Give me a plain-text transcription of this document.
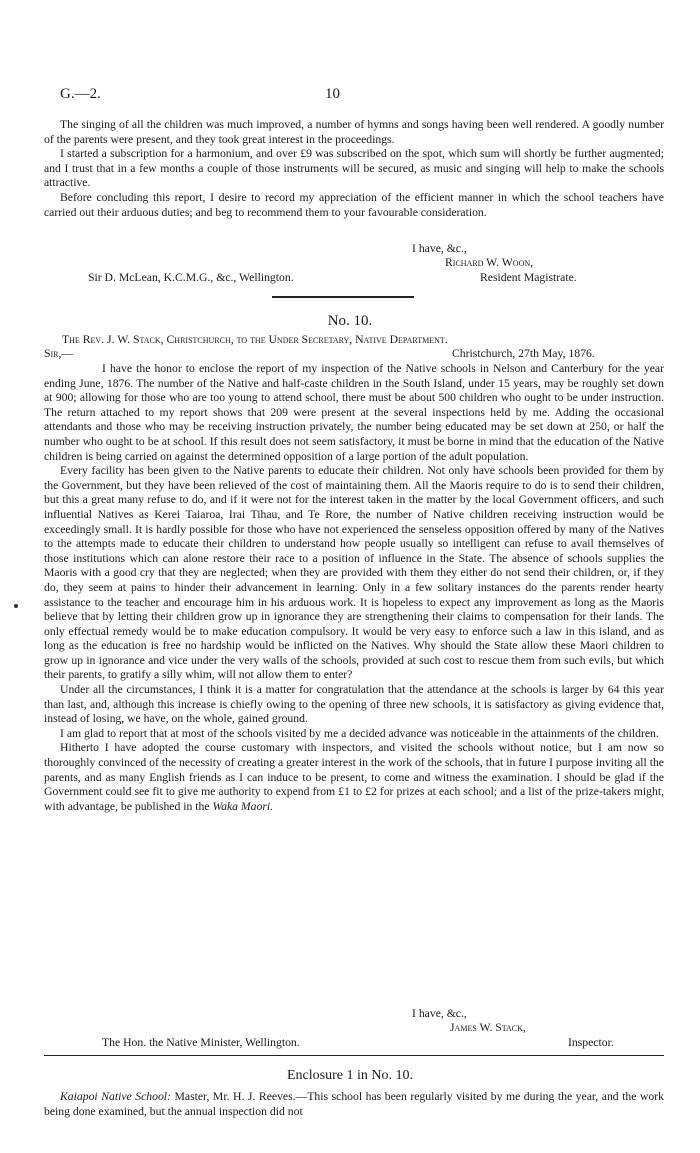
G.—2.	10

The singing of all the children was much improved, a number of hymns and songs having been well rendered. A goodly number of the parents were present, and they took great interest in the proceedings.

I started a subscription for a harmonium, and over £9 was subscribed on the spot, which sum will shortly be further augmented; and I trust that in a few months a couple of those instruments will be secured, as music and singing will help to make the schools attractive.

Before concluding this report, I desire to record my appreciation of the efficient manner in which the school teachers have carried out their arduous duties; and beg to recommend them to your favourable consideration.

I have, &c.,
Richard W. Woon,
Sir D. McLean, K.C.M.G., &c., Wellington.	Resident Magistrate.
No. 10.
The Rev. J. W. Stack, Christchurch, to the Under Secretary, Native Department.
Sir,—	Christchurch, 27th May, 1876.

I have the honor to enclose the report of my inspection of the Native schools in Nelson and Canterbury for the year ending June, 1876. The number of the Native and half-caste children in the South Island, under 15 years, may be roughly set down at 900; allowing for those who are too young to attend school, there must be about 500 children who ought to be under instruction. The return attached to my report shows that 209 were present at the several inspections held by me. Adding the occasional attendants and those who may be receiving instruction privately, the number being educated may be set down at 250, or half the number who ought to be at school. If this result does not seem satisfactory, it must be borne in mind that the education of the Native children is being carried on against the determined opposition of a large portion of the adult population.

Every facility has been given to the Native parents to educate their children. Not only have schools been provided for them by the Government, but they have been relieved of the cost of maintaining them. All the Maoris require to do is to send their children, but this a great many refuse to do, and if it were not for the interest taken in the matter by the local Government officers, and such influential Natives as Kerei Taiaroa, Irai Tihau, and Te Rore, the number of Native children receiving instruction would be exceedingly small. It is hardly possible for those who have not experienced the senseless opposition offered by many of the Natives to the attempts made to educate their children to understand how people usually so intelligent can refuse to avail themselves of those institutions which can alone restore their race to a position of influence in the State. The absence of schools supplies the Maoris with a good cry that they are neglected; when they are provided with them they either do not send their children, or, if they do, they seem at pains to hinder their advancement in learning. Only in a few solitary instances do the parents render hearty assistance to the teacher and encourage him in his arduous work. It is hopeless to expect any improvement as long as the Maoris believe that by letting their children grow up in ignorance they are strengthening their claims to compensation for their lands. The only effectual remedy would be to make education compulsory. It would be very easy to enforce such a law in this island, and as long as the education is free no hardship would be inflicted on the Natives. Why should the State allow these Maori children to grow up in ignorance and vice under the very walls of the schools, provided at such cost to rescue them from such evils, but which their parents, to gratify a silly whim, will not allow them to enter?

Under all the circumstances, I think it is a matter for congratulation that the attendance at the schools is larger by 64 this year than last, and, although this increase is chiefly owing to the opening of three new schools, it is satisfactory as giving evidence that, instead of losing, we have, on the whole, gained ground.

I am glad to report that at most of the schools visited by me a decided advance was noticeable in the attainments of the children.

Hitherto I have adopted the course customary with inspectors, and visited the schools without notice, but I am now so thoroughly convinced of the necessity of creating a greater interest in the work of the schools, that in future I purpose inviting all the parents, and as many English friends as I can induce to be present, to come and witness the examination. I should be glad if the Government could see fit to give me authority to expend from £1 to £2 for prizes at each school; and a list of the prize-takers might, with advantage, be published in the Waka Maori.

I have, &c.,
James W. Stack,
The Hon. the Native Minister, Wellington.	Inspector.
Enclosure 1 in No. 10.

Kaiapoi Native School: Master, Mr. H. J. Reeves.—This school has been regularly visited by me during the year, and the work being done examined, but the annual inspection did not
